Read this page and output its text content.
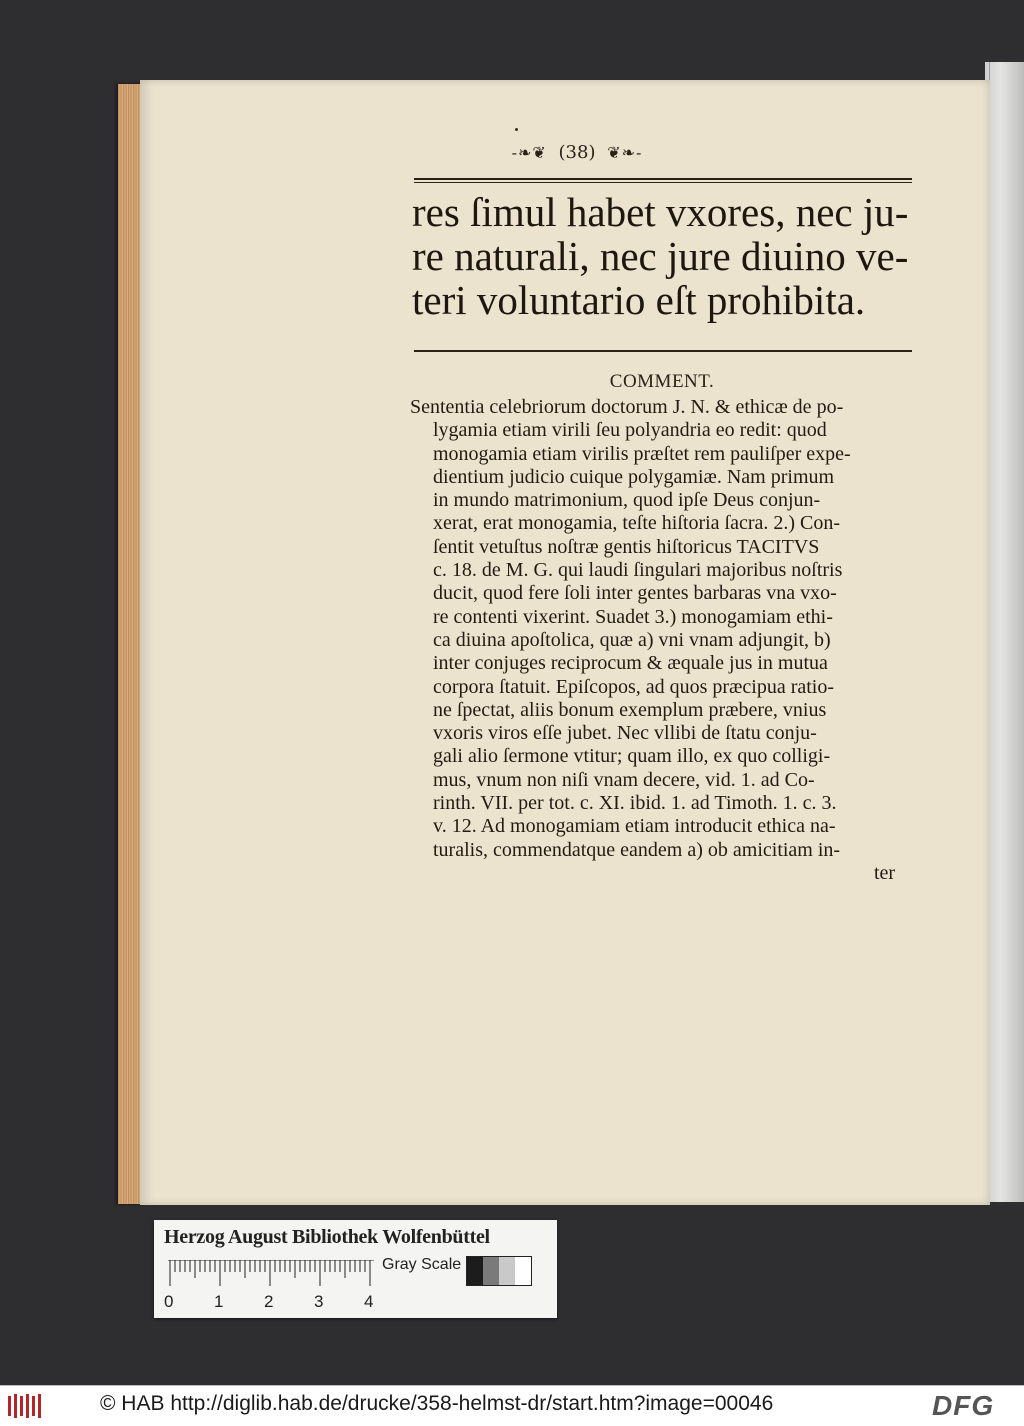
-❧❦ (38) ❦❧-
res ſimul habet vxores, nec ju-
re naturali, nec jure diuino ve-
teri voluntario eſt prohibita.
COMMENT.
Sententia celebriorum doctorum J. N. & ethicæ de po-
lygamia etiam virili ſeu polyandria eo redit: quod
monogamia etiam virilis præſtet rem pauliſper expe-
dientium judicio cuique polygamiæ. Nam primum
in mundo matrimonium, quod ipſe Deus conjun-
xerat, erat monogamia, teſte hiſtoria ſacra. 2.) Con-
ſentit vetuſtus noſtræ gentis hiſtoricus TACITVS
c. 18. de M. G. qui laudi ſingulari majoribus noſtris
ducit, quod fere ſoli inter gentes barbaras vna vxo-
re contenti vixerint. Suadet 3.) monogamiam ethi-
ca diuina apoſtolica, quæ a) vni vnam adjungit, b)
inter conjuges reciprocum & æquale jus in mutua
corpora ſtatuit. Epiſcopos, ad quos præcipua ratio-
ne ſpectat, aliis bonum exemplum præbere, vnius
vxoris viros eſſe jubet. Nec vllibi de ſtatu conju-
gali alio ſermone vtitur; quam illo, ex quo colligi-
mus, vnum non niſi vnam decere, vid. 1. ad Co-
rinth. VII. per tot. c. XI. ibid. 1. ad Timoth. 1. c. 3.
v. 12. Ad monogamiam etiam introducit ethica na-
turalis, commendatque eandem a) ob amicitiam in-
ter
Herzog August Bibliothek Wolfenbüttel
0 1 2 3 4
Gray Scale
© HAB http://diglib.hab.de/drucke/358-helmst-dr/start.htm?image=00046	DFG
